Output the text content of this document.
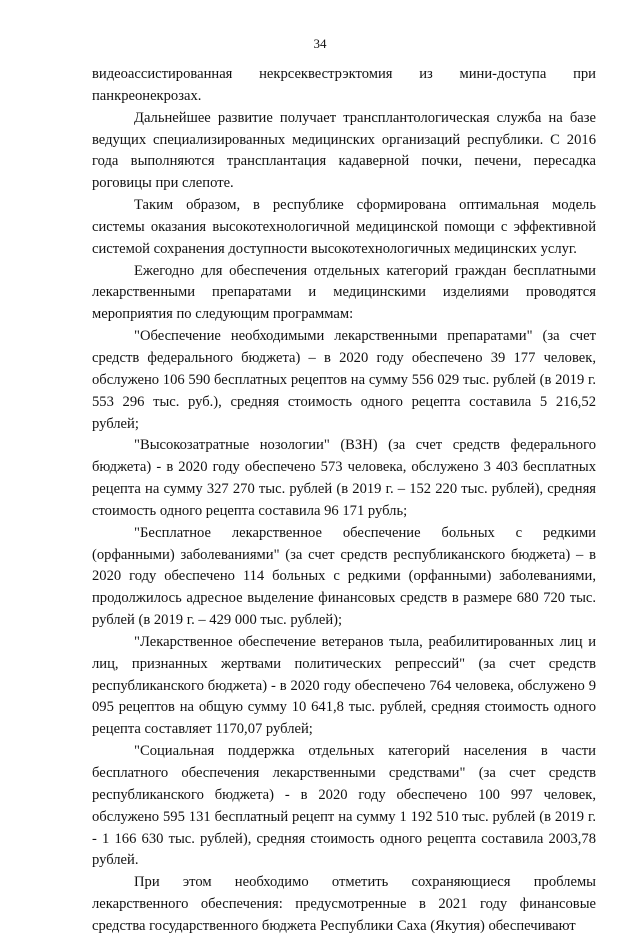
34

видеоассистированная некрсеквестрэктомия из мини-доступа при панкреонекрозах.

Дальнейшее развитие получает трансплантологическая служба на базе ведущих специализированных медицинских организаций республики. С 2016 года выполняются трансплантация кадаверной почки, печени, пересадка роговицы при слепоте.

Таким образом, в республике сформирована оптимальная модель системы оказания высокотехнологичной медицинской помощи с эффективной системой сохранения доступности высокотехнологичных медицинских услуг.

Ежегодно для обеспечения отдельных категорий граждан бесплатными лекарственными препаратами и медицинскими изделиями проводятся мероприятия по следующим программам:

"Обеспечение необходимыми лекарственными препаратами" (за счет средств федерального бюджета) – в 2020 году обеспечено 39 177 человек, обслужено 106 590 бесплатных рецептов на сумму 556 029 тыс. рублей (в 2019 г. 553 296 тыс. руб.), средняя стоимость одного рецепта составила 5 216,52 рублей;

"Высокозатратные нозологии" (ВЗН) (за счет средств федерального бюджета) - в 2020 году обеспечено 573 человека, обслужено 3 403 бесплатных рецепта на сумму 327 270 тыс. рублей (в 2019 г. – 152 220 тыс. рублей), средняя стоимость одного рецепта составила 96 171 рубль;

"Бесплатное лекарственное обеспечение больных с редкими (орфанными) заболеваниями" (за счет средств республиканского бюджета) – в 2020 году обеспечено 114 больных с редкими (орфанными) заболеваниями, продолжилось адресное выделение финансовых средств в размере 680 720 тыс. рублей (в 2019 г. – 429 000 тыс. рублей);

"Лекарственное обеспечение ветеранов тыла, реабилитированных лиц и лиц, признанных жертвами политических репрессий" (за счет средств республиканского бюджета) - в 2020 году обеспечено 764 человека, обслужено 9 095 рецептов на общую сумму 10 641,8 тыс. рублей, средняя стоимость одного рецепта составляет 1170,07 рублей;

"Социальная поддержка отдельных категорий населения в части бесплатного обеспечения лекарственными средствами" (за счет средств республиканского бюджета) - в 2020 году обеспечено 100 997 человек, обслужено 595 131 бесплатный рецепт на сумму 1 192 510 тыс. рублей (в 2019 г. - 1 166 630 тыс. рублей), средняя стоимость одного рецепта составила 2003,78 рублей.

При этом необходимо отметить сохраняющиеся проблемы лекарственного обеспечения: предусмотренные в 2021 году финансовые средства государственного бюджета Республики Саха (Якутия) обеспечивают
